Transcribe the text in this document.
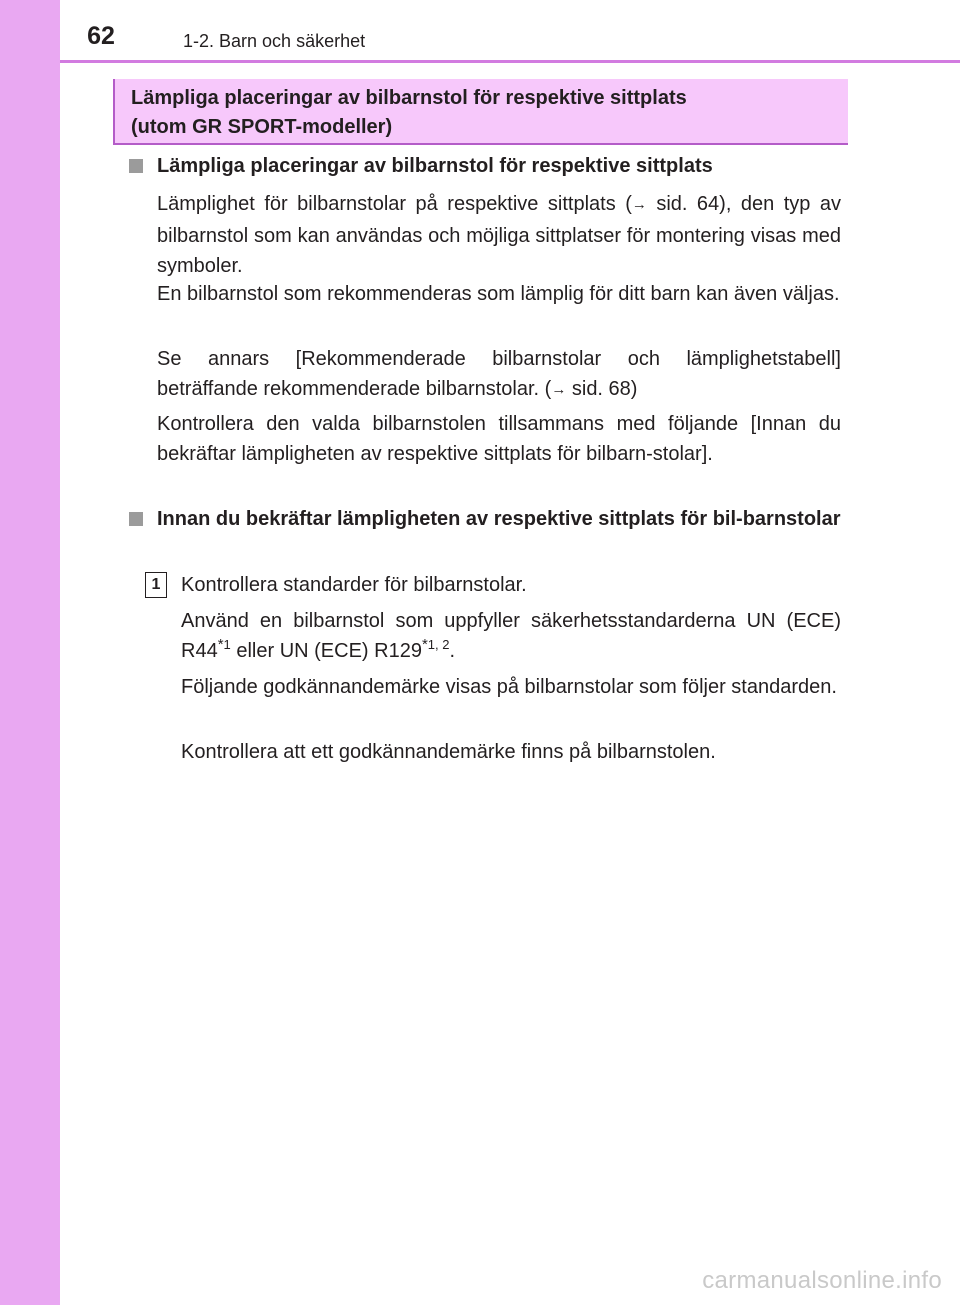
62	1-2. Barn och säkerhet
Lämpliga placeringar av bilbarnstol för respektive sittplats
(utom GR SPORT-modeller)
Lämpliga placeringar av bilbarnstol för respektive sittplats
Lämplighet för bilbarnstolar på respektive sittplats (→ sid. 64), den typ av bilbarnstol som kan användas och möjliga sittplatser för montering visas med symboler.
En bilbarnstol som rekommenderas som lämplig för ditt barn kan även väljas.
Se annars [Rekommenderade bilbarnstolar och lämplighetstabell] beträffande rekommenderade bilbarnstolar. (→ sid. 68)
Kontrollera den valda bilbarnstolen tillsammans med följande [Innan du bekräftar lämpligheten av respektive sittplats för bilbarn-stolar].
Innan du bekräftar lämpligheten av respektive sittplats för bil-barnstolar
1	Kontrollera standarder för bilbarnstolar.
Använd en bilbarnstol som uppfyller säkerhetsstandarderna UN (ECE) R44$^{*1}$ eller UN (ECE) R129$^{*1, 2}$.
Följande godkännandemärke visas på bilbarnstolar som följer standarden.
Kontrollera att ett godkännandemärke finns på bilbarnstolen.
carmanualsonline.info
